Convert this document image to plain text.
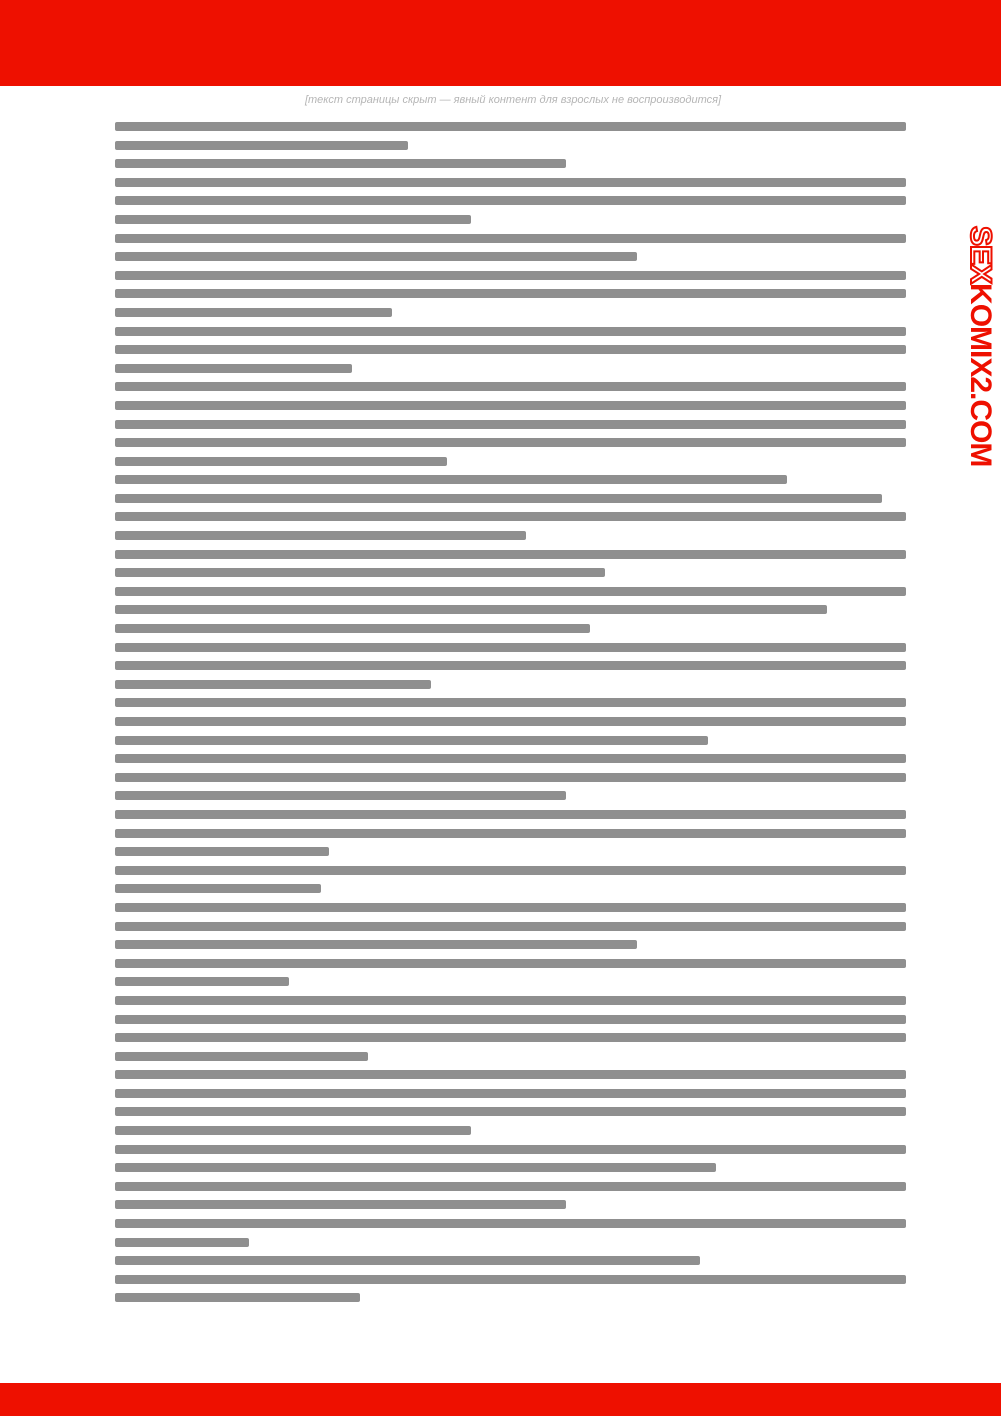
SEXKOMIX2.COM
[текст страницы скрыт — явный контент для взрослых не воспроизводится]
